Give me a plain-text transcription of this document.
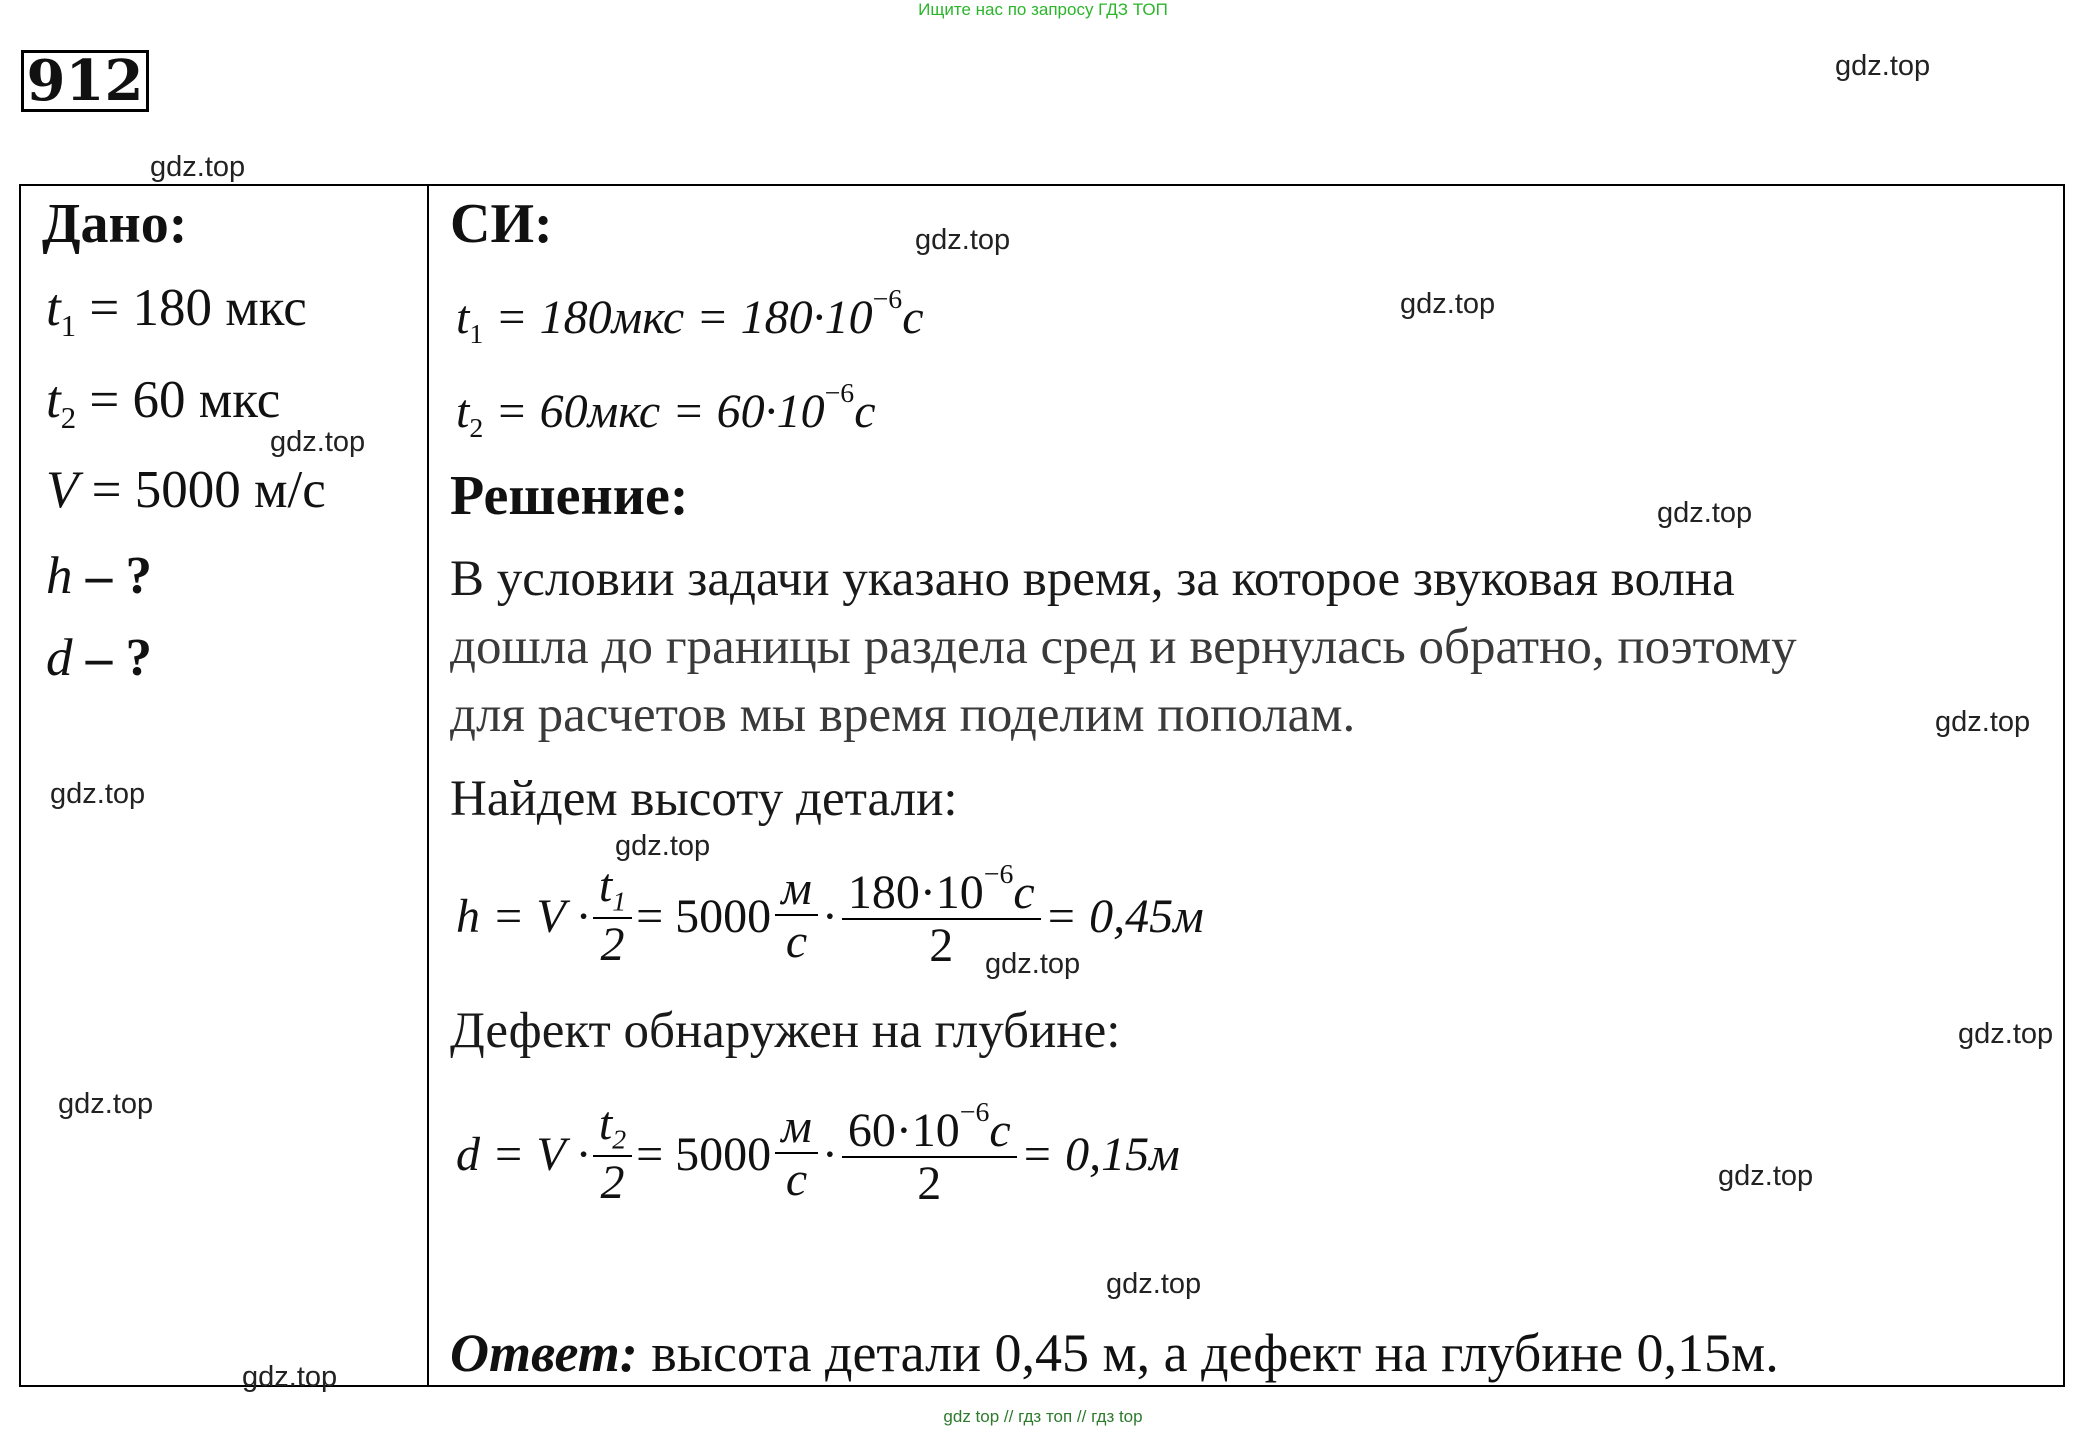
Ищите нас по запросу ГДЗ ТОП
912
Дано:
$t_1 = 180$ мкс
$t_2 = 60$ мкс
V = 5000 м/с
h – ?
d – ?
СИ:
$t_1 = 180мкс = 180\cdot 10^{-6}с$
$t_2 = 60мкс = 60\cdot 10^{-6}с$
Решение:
В условии задачи указано время, за которое звуковая волна
дошла до границы раздела сред и вернулась обратно, поэтому
для расчетов мы время поделим пополам.
Найдем высоту детали:
$h = V \cdot \frac{t_1}{2} = 5000 \frac{м}{с} \cdot \frac{180\cdot 10^{-6}с}{2} = 0,45м$
Дефект обнаружен на глубине:
$d = V \cdot \frac{t_2}{2} = 5000 \frac{м}{с} \cdot \frac{60\cdot 10^{-6}с}{2} = 0,15м$
Ответ: высота детали 0,45 м, а дефект на глубине 0,15м.
gdz.top
gdz.top
gdz.top
gdz.top
gdz.top
gdz.top
gdz.top
gdz.top
gdz.top
gdz.top
gdz.top
gdz.top
gdz.top
gdz.top
gdz.top
gdz top // гдз топ // гдз top
